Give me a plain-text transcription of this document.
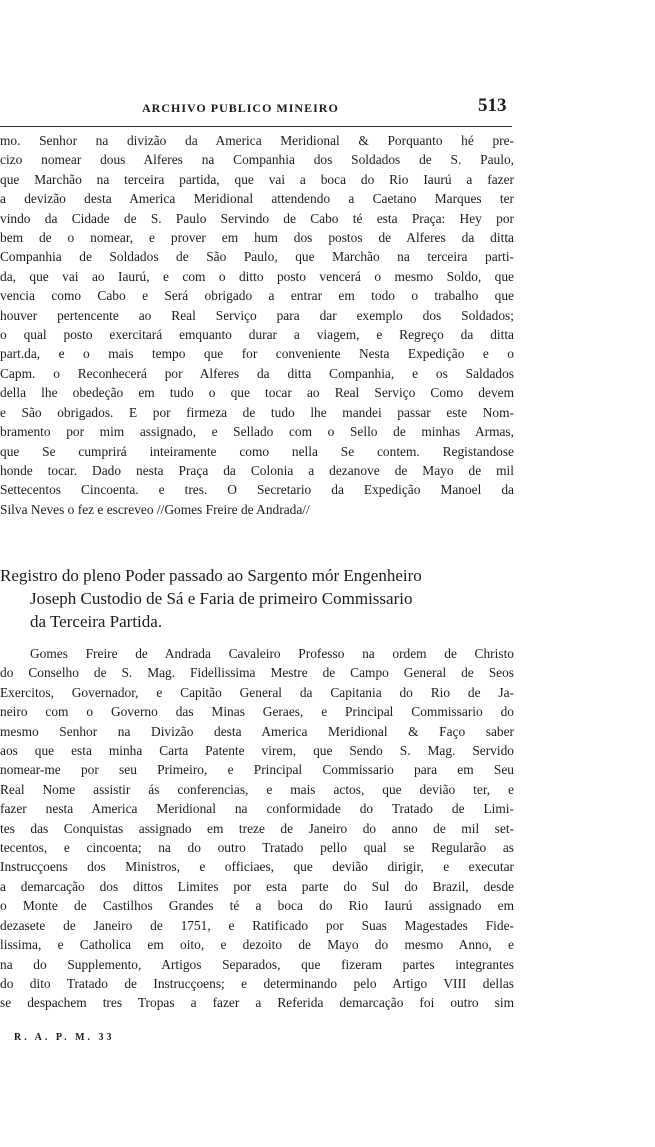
ARCHIVO PUBLICO MINEIRO	513
mo. Senhor na divizão da America Meridional & Porquanto hé pre-
cizo nomear dous Alferes na Companhia dos Soldados de S. Paulo,
que Marchão na terceira partida, que vai a boca do Rio Iaurú a fazer
a devizão desta America Meridional attendendo a Caetano Marques ter
vindo da Cidade de S. Paulo Servindo de Cabo té esta Praça: Hey por
bem de o nomear, e prover em hum dos postos de Alferes da ditta
Companhia de Soldados de São Paulo, que Marchão na terceira parti-
da, que vai ao Iaurú, e com o ditto posto vencerá o mesmo Soldo, que
vencia como Cabo e Será obrigado a entrar em todo o trabalho que
houver pertencente ao Real Serviço para dar exemplo dos Soldados;
o qual posto exercitará emquanto durar a viagem, e Regreço da ditta
part.da, e o mais tempo que for conveniente Nesta Expedição e o
Capm. o Reconhecerá por Alferes da ditta Companhia, e os Saldados
della lhe obedeção em tudo o que tocar ao Real Serviço Como devem
e São obrigados. E por firmeza de tudo lhe mandei passar este Nom-
bramento por mim assignado, e Sellado com o Sello de minhas Armas,
que Se cumprirá inteiramente como nella Se contem. Registandose
honde tocar. Dado nesta Praça da Colonia a dezanove de Mayo de mil
Settecentos Cincoenta. e tres. O Secretario da Expedição Manoel da
Silva Neves o fez e escreveo //Gomes Freire de Andrada//
Registro do pleno Poder passado ao Sargento mór Engenheiro
Joseph Custodio de Sá e Faria de primeiro Commissario
da Terceira Partida.
Gomes Freire de Andrada Cavaleiro Professo na ordem de Christo
do Conselho de S. Mag. Fidellissima Mestre de Campo General de Seos
Exercitos, Governador, e Capitão General da Capitania do Rio de Ja-
neiro com o Governo das Minas Geraes, e Principal Commissario do
mesmo Senhor na Divizão desta America Meridional & Faço saber
aos que esta minha Carta Patente virem, que Sendo S. Mag. Servido
nomear-me por seu Primeiro, e Principal Commissario para em Seu
Real Nome assistir ás conferencias, e mais actos, que devião ter, e
fazer nesta America Meridional na conformidade do Tratado de Limi-
tes das Conquistas assignado em treze de Janeiro do anno de mil set-
tecentos, e cincoenta; na do outro Tratado pello qual se Regularão as
Instrucçoens dos Ministros, e officiaes, que devião dirigir, e executar
a demarcação dos dittos Limites por esta parte do Sul do Brazil, desde
o Monte de Castilhos Grandes té a boca do Rio Iaurú assignado em
dezasete de Janeiro de 1751, e Ratificado por Suas Magestades Fide-
lissima, e Catholica em oito, e dezoito de Mayo do mesmo Anno, e
na do Supplemento, Artigos Separados, que fizeram partes integrantes
do dito Tratado de Instrucçoens; e determinando pelo Artigo VIII dellas
se despachem tres Tropas a fazer a Referida demarcação foi outro sim
R. A. P. M. 33
